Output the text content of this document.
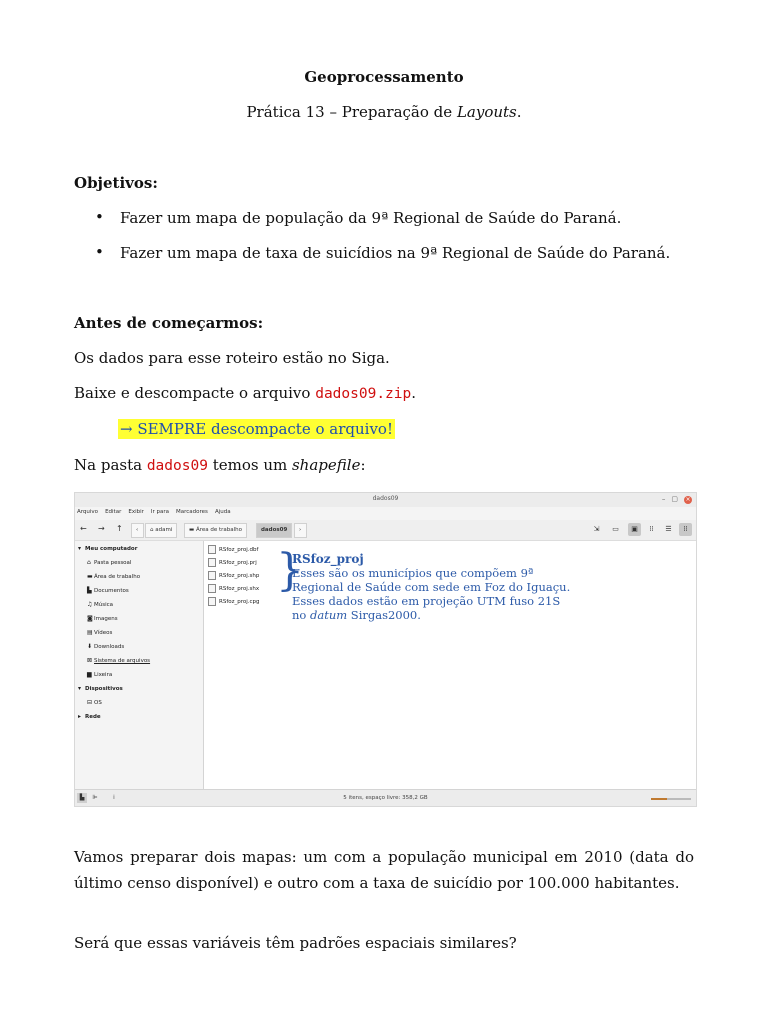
Geoprocessamento
Prática 13 – Preparação de Layouts.
Objetivos:
• Fazer um mapa de população da 9ª Regional de Saúde do Paraná.
• Fazer um mapa de taxa de suicídios na 9ª Regional de Saúde do Paraná.
Antes de começarmos:
Os dados para esse roteiro estão no Siga.
Baixe e descompacte o arquivo dados09.zip.
→ SEMPRE descompacte o arquivo!
Na pasta dados09 temos um shapefile:
dados09	– ▢ ×
Arquivo Editar Exibir Ir para Marcadores Ajuda
← → ↑	‹	⌂ adami	▬ Área de trabalho	dados09	›	⇲	▭	▣	⁞⁞	☰	⁞⁞
▾ Meu computador
⌂ Pasta pessoal
▬Área de trabalho
▙ Documentos
♫ Música
◙Imagens
▤Vídeos
⬇ Downloads
⊠ Sistema de arquivos
▆ Lixeira
▾ Dispositivos
⊟ OS
▸ Rede
RSfoz_proj.dbf
RSfoz_proj.prj
RSfoz_proj.shp
RSfoz_proj.shx
RSfoz_proj.cpg
}
RSfoz_proj
Esses são os municípios que compõem 9ª
Regional de Saúde com sede em Foz do Iguaçu.
Esses dados estão em projeção UTM fuso 21S
no datum Sirgas2000.
▙	⊫	⁞	5 itens, espaço livre: 358,2 GB
Vamos preparar dois mapas: um com a população municipal em 2010 (data do último censo disponível) e outro com a taxa de suicídio por 100.000 habitantes.
Será que essas variáveis têm padrões espaciais similares?
